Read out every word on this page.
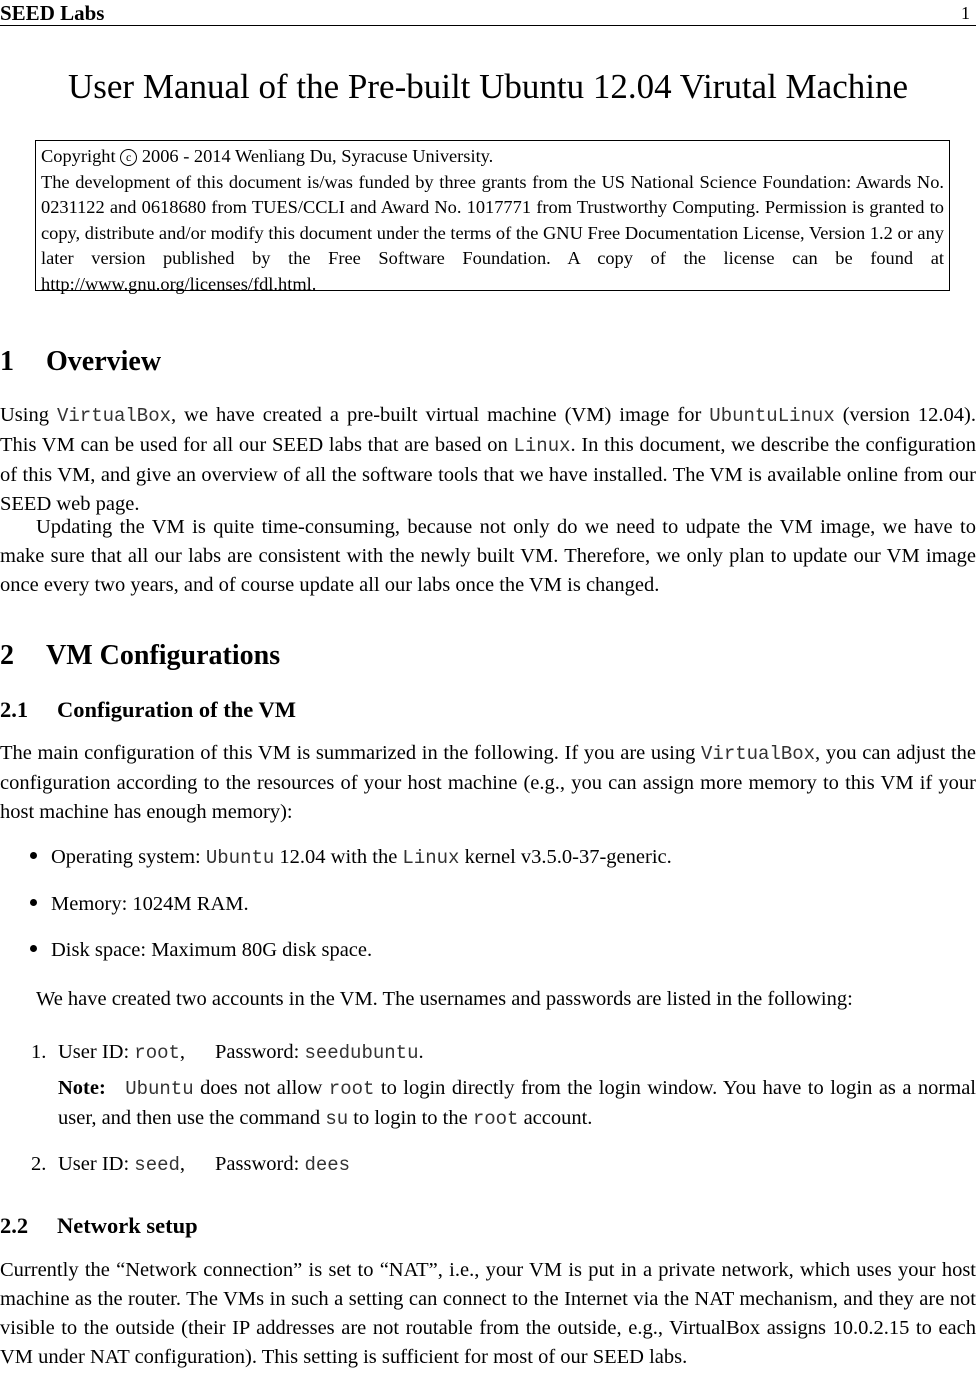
SEED Labs	1
User Manual of the Pre-built Ubuntu 12.04 Virutal Machine

Copyright c 2006 - 2014 Wenliang Du, Syracuse University.

The development of this document is/was funded by three grants from the US National Science Foundation: Awards No. 0231122 and 0618680 from TUES/CCLI and Award No. 1017771 from Trustworthy Computing. Permission is granted to copy, distribute and/or modify this document under the terms of the GNU Free Documentation License, Version 1.2 or any later version published by the Free Software Foundation. A copy of the license can be found at http://www.gnu.org/licenses/fdl.html.

1 Overview

Using VirtualBox, we have created a pre-built virtual machine (VM) image for UbuntuLinux (version 12.04). This VM can be used for all our SEED labs that are based on Linux. In this document, we describe the configuration of this VM, and give an overview of all the software tools that we have installed. The VM is available online from our SEED web page.

Updating the VM is quite time-consuming, because not only do we need to udpate the VM image, we have to make sure that all our labs are consistent with the newly built VM. Therefore, we only plan to update our VM image once every two years, and of course update all our labs once the VM is changed.

2 VM Configurations
2.1 Configuration of the VM

The main configuration of this VM is summarized in the following. If you are using VirtualBox, you can adjust the configuration according to the resources of your host machine (e.g., you can assign more memory to this VM if your host machine has enough memory):

Operating system: Ubuntu 12.04 with the Linux kernel v3.5.0-37-generic.
Memory: 1024M RAM.
Disk space: Maximum 80G disk space.
We have created two accounts in the VM. The usernames and passwords are listed in the following:
1. User ID: root, Password: seedubuntu.

Note: Ubuntu does not allow root to login directly from the login window. You have to login as a normal user, and then use the command su to login to the root account.

2. User ID: seed, Password: dees
2.2 Network setup

Currently the “Network connection” is set to “NAT”, i.e., your VM is put in a private network, which uses your host machine as the router. The VMs in such a setting can connect to the Internet via the NAT mechanism, and they are not visible to the outside (their IP addresses are not routable from the outside, e.g., VirtualBox assigns 10.0.2.15 to each VM under NAT configuration). This setting is sufficient for most of our SEED labs.
